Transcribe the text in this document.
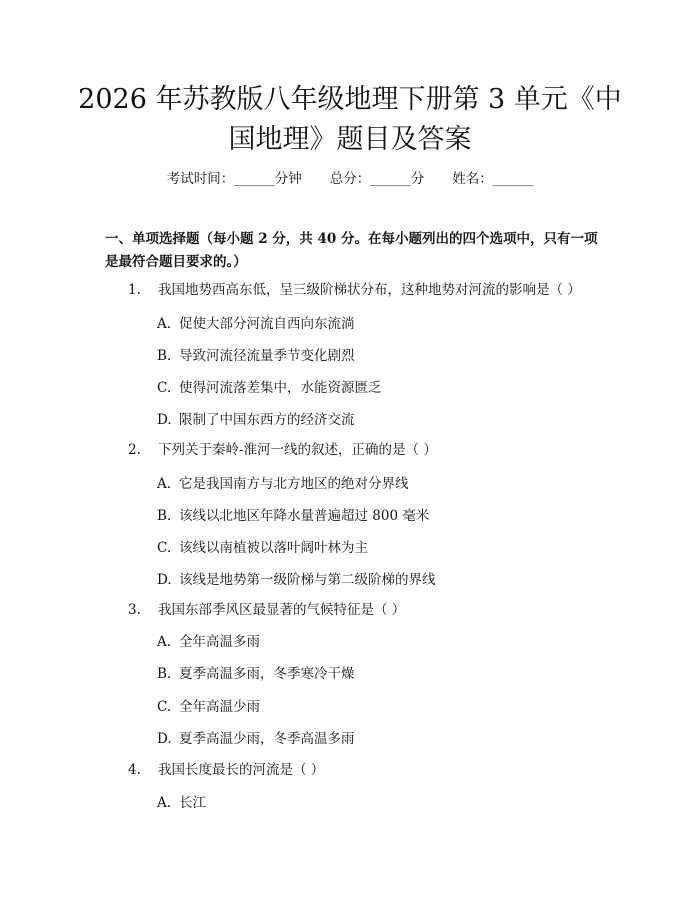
2026 年苏教版八年级地理下册第 3 单元《中
国地理》题目及答案
考试时间：______分钟 总分：______分 姓名：______

一、单项选择题（每小题 2 分，共 40 分。在每小题列出的四个选项中，只有一项是最符合题目要求的。）

1. 我国地势西高东低，呈三级阶梯状分布，这种地势对河流的影响是（ ）
A. 促使大部分河流自西向东流淌
B. 导致河流径流量季节变化剧烈
C. 使得河流落差集中，水能资源匮乏
D. 限制了中国东西方的经济交流
2. 下列关于秦岭-淮河一线的叙述，正确的是（ ）
A. 它是我国南方与北方地区的绝对分界线
B. 该线以北地区年降水量普遍超过 800 毫米
C. 该线以南植被以落叶阔叶林为主
D. 该线是地势第一级阶梯与第二级阶梯的界线
3. 我国东部季风区最显著的气候特征是（ ）
A. 全年高温多雨
B. 夏季高温多雨，冬季寒冷干燥
C. 全年高温少雨
D. 夏季高温少雨，冬季高温多雨
4. 我国长度最长的河流是（ ）
A. 长江
